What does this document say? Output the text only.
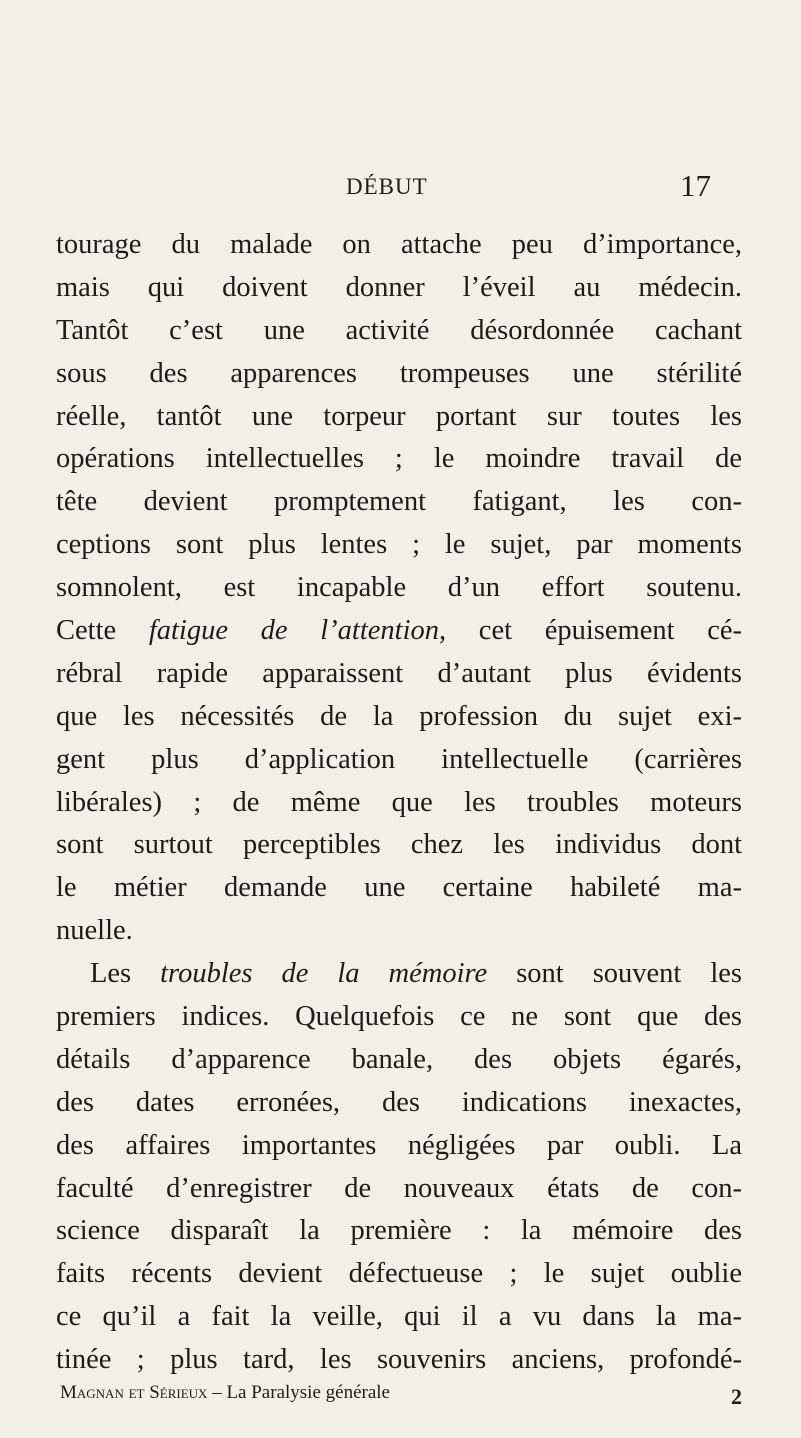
DÉBUT	17
tourage du malade on attache peu d’importance,
mais qui doivent donner l’éveil au médecin.
Tantôt c’est une activité désordonnée cachant
sous des apparences trompeuses une stérilité
réelle, tantôt une torpeur portant sur toutes les
opérations intellectuelles ; le moindre travail de
tête devient promptement fatigant, les con-
ceptions sont plus lentes ; le sujet, par moments
somnolent, est incapable d’un effort soutenu.
Cette fatigue de l’attention, cet épuisement cé-
rébral rapide apparaissent d’autant plus évidents
que les nécessités de la profession du sujet exi-
gent plus d’application intellectuelle (carrières
libérales) ; de même que les troubles moteurs
sont surtout perceptibles chez les individus dont
le métier demande une certaine habileté ma-
nuelle.
Les troubles de la mémoire sont souvent les
premiers indices. Quelquefois ce ne sont que des
détails d’apparence banale, des objets égarés,
des dates erronées, des indications inexactes,
des affaires importantes négligées par oubli. La
faculté d’enregistrer de nouveaux états de con-
science disparaît la première : la mémoire des
faits récents devient défectueuse ; le sujet oublie
ce qu’il a fait la veille, qui il a vu dans la ma-
tinée ; plus tard, les souvenirs anciens, profondé-
Magnan et Sérieux – La Paralysie générale	2
